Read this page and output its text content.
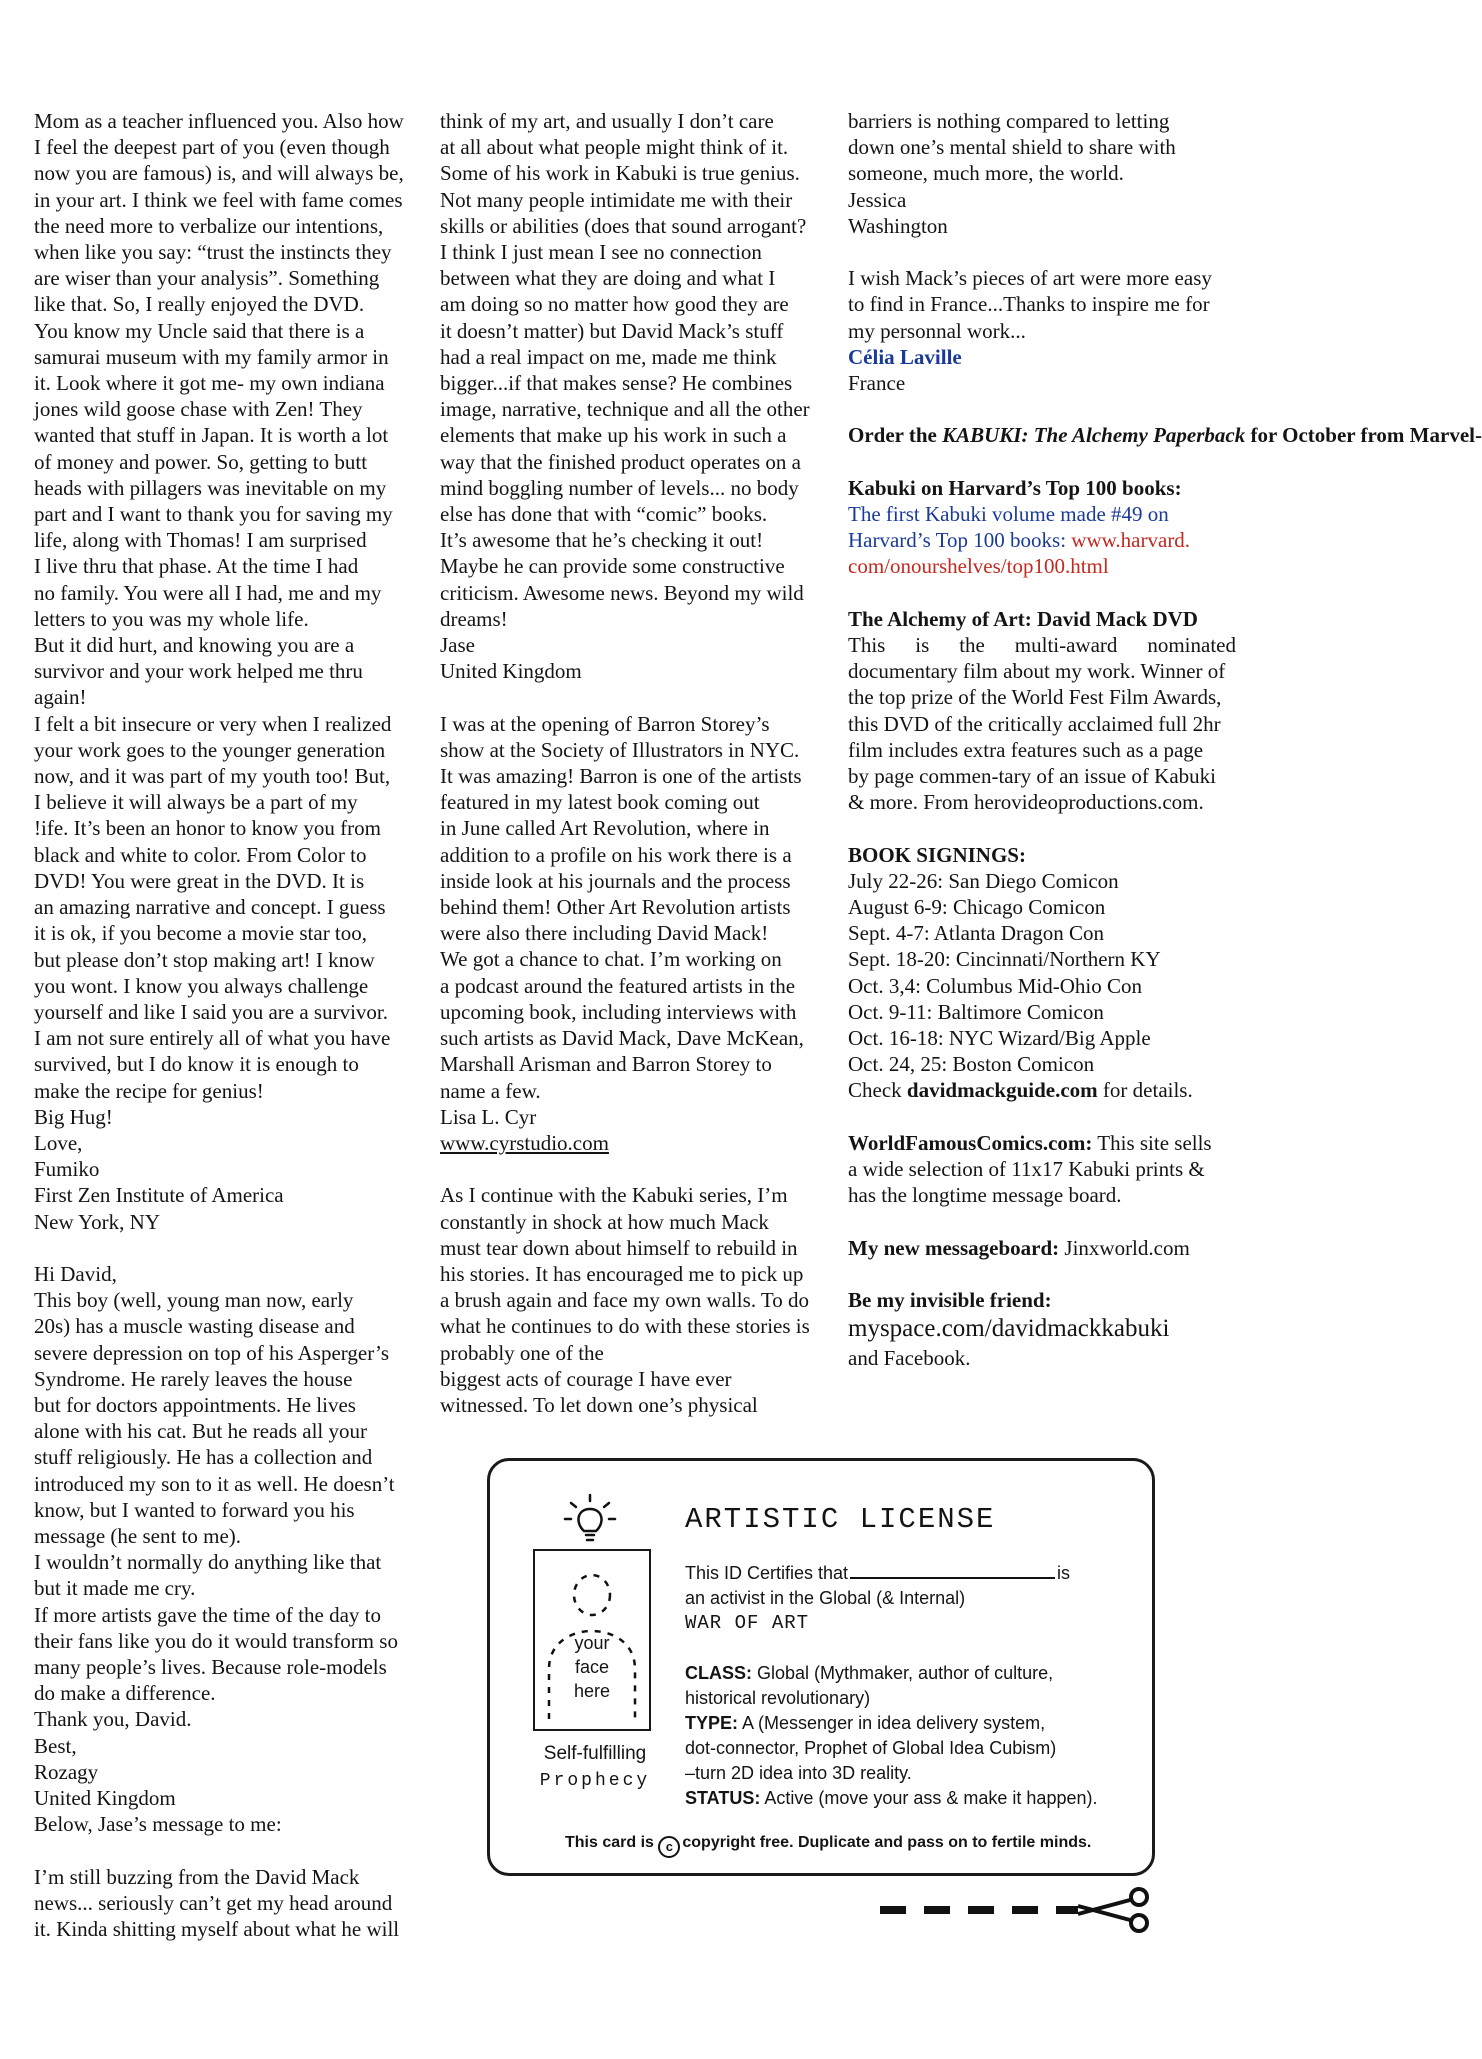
Mom as a teacher influenced you. Also how

I feel the deepest part of you (even though

now you are famous) is, and will always be,

in your art. I think we feel with fame comes

the need more to verbalize our intentions,

when like you say: “trust the instincts they

are wiser than your analysis”. Something

like that. So, I really enjoyed the DVD.

You know my Uncle said that there is a

samurai museum with my family armor in

it. Look where it got me- my own indiana

jones wild goose chase with Zen! They

wanted that stuff in Japan. It is worth a lot

of money and power. So, getting to butt

heads with pillagers was inevitable on my

part and I want to thank you for saving my

life, along with Thomas! I am surprised

I live thru that phase. At the time I had

no family. You were all I had, me and my

letters to you was my whole life.

But it did hurt, and knowing you are a

survivor and your work helped me thru

again!

I felt a bit insecure or very when I realized

your work goes to the younger generation

now, and it was part of my youth too! But,

I believe it will always be a part of my

!ife. It’s been an honor to know you from

black and white to color. From Color to

DVD! You were great in the DVD. It is

an amazing narrative and concept. I guess

it is ok, if you become a movie star too,

but please don’t stop making art! I know

you wont. I know you always challenge

yourself and like I said you are a survivor.

I am not sure entirely all of what you have

survived, but I do know it is enough to

make the recipe for genius!

Big Hug!

Love,

Fumiko

First Zen Institute of America

New York, NY

Hi David,

This boy (well, young man now, early

20s) has a muscle wasting disease and

severe depression on top of his Asperger’s

Syndrome. He rarely leaves the house

but for doctors appointments. He lives

alone with his cat. But he reads all your

stuff religiously. He has a collection and

introduced my son to it as well. He doesn’t

know, but I wanted to forward you his

message (he sent to me).

I wouldn’t normally do anything like that

but it made me cry.

If more artists gave the time of the day to

their fans like you do it would transform so

many people’s lives. Because role-models

do make a difference.

Thank you, David.

Best,

Rozagy

United Kingdom

Below, Jase’s message to me:

I’m still buzzing from the David Mack

news... seriously can’t get my head around

it. Kinda shitting myself about what he will

think of my art, and usually I don’t care

at all about what people might think of it.

Some of his work in Kabuki is true genius.

Not many people intimidate me with their

skills or abilities (does that sound arrogant?

I think I just mean I see no connection

between what they are doing and what I

am doing so no matter how good they are

it doesn’t matter) but David Mack’s stuff

had a real impact on me, made me think

bigger...if that makes sense? He combines

image, narrative, technique and all the other

elements that make up his work in such a

way that the finished product operates on a

mind boggling number of levels... no body

else has done that with “comic” books.

It’s awesome that he’s checking it out!

Maybe he can provide some constructive

criticism. Awesome news. Beyond my wild

dreams!

Jase

United Kingdom

I was at the opening of Barron Storey’s

show at the Society of Illustrators in NYC.

It was amazing! Barron is one of the artists

featured in my latest book coming out

in June called Art Revolution, where in

addition to a profile on his work there is a

inside look at his journals and the process

behind them! Other Art Revolution artists

were also there including David Mack!

We got a chance to chat. I’m working on

a podcast around the featured artists in the

upcoming book, including interviews with

such artists as David Mack, Dave McKean,

Marshall Arisman and Barron Storey to

name a few.

Lisa L. Cyr

www.cyrstudio.com

As I continue with the Kabuki series, I’m

constantly in shock at how much Mack

must tear down about himself to rebuild in

his stories. It has encouraged me to pick up

a brush again and face my own walls. To do

what he continues to do with these stories is

probably one of the

biggest acts of courage I have ever

witnessed. To let down one’s physical

barriers is nothing compared to letting

down one’s mental shield to share with

someone, much more, the world.

Jessica

Washington

I wish Mack’s pieces of art were more easy

to find in France...Thanks to inspire me for

my personnal work...

Célia Laville

France

Order the KABUKI: The Alchemy Paperback for October from Marvel-

Kabuki on Harvard’s Top 100 books:

The first Kabuki volume made #49 on

Harvard’s Top 100 books: www.harvard.

com/onourshelves/top100.html

The Alchemy of Art: David Mack DVD

This is the multi-award nominated

documentary film about my work. Winner of

the top prize of the World Fest Film Awards,

this DVD of the critically acclaimed full 2hr

film includes extra features such as a page

by page commen-tary of an issue of Kabuki

& more. From herovideoproductions.com.

BOOK SIGNINGS:

July 22-26: San Diego Comicon

August 6-9: Chicago Comicon

Sept. 4-7: Atlanta Dragon Con

Sept. 18-20: Cincinnati/Northern KY

Oct. 3,4: Columbus Mid-Ohio Con

Oct. 9-11: Baltimore Comicon

Oct. 16-18: NYC Wizard/Big Apple

Oct. 24, 25: Boston Comicon

Check davidmackguide.com for details.

WorldFamousComics.com: This site sells

a wide selection of 11x17 Kabuki prints &

has the longtime message board.

My new messageboard: Jinxworld.com

Be my invisible friend:

myspace.com/davidmackkabuki

and Facebook.

your
face
here
Self-fulfilling
Prophecy
ARTISTIC LICENSE

This ID Certifies that	is

an activist in the Global (& Internal)

WAR OF ART

CLASS: Global (Mythmaker, author of culture,

historical revolutionary)

TYPE: A (Messenger in idea delivery system,

dot-connector, Prophet of Global Idea Cubism)

–turn 2D idea into 3D reality.

STATUS: Active (move your ass & make it happen).

This card is c copyright free. Duplicate and pass on to fertile minds.
